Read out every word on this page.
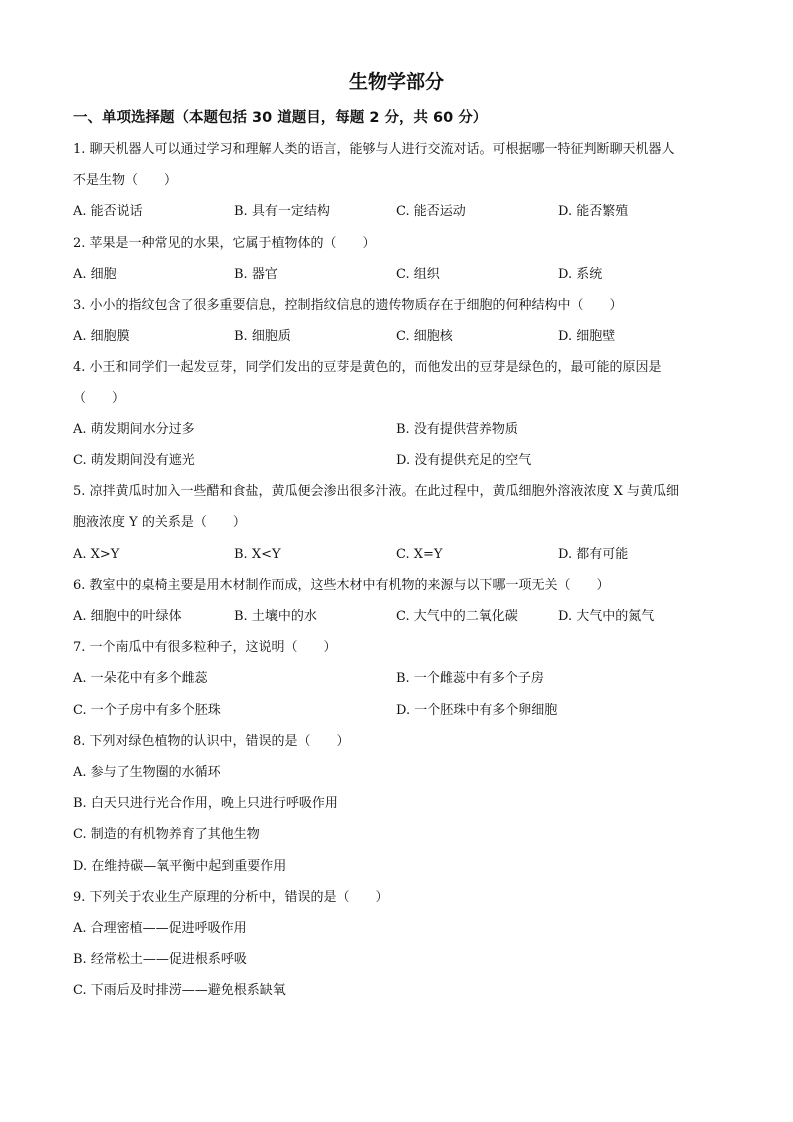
生物学部分
一、单项选择题（本题包括 30 道题目，每题 2 分，共 60 分）
1. 聊天机器人可以通过学习和理解人类的语言，能够与人进行交流对话。可根据哪一特征判断聊天机器人
不是生物（　　）
A. 能否说话	B. 具有一定结构	C. 能否运动	D. 能否繁殖
2. 苹果是一种常见的水果，它属于植物体的（　　）
A. 细胞	B. 器官	C. 组织	D. 系统
3. 小小的指纹包含了很多重要信息，控制指纹信息的遗传物质存在于细胞的何种结构中（　　）
A. 细胞膜	B. 细胞质	C. 细胞核	D. 细胞壁
4. 小王和同学们一起发豆芽，同学们发出的豆芽是黄色的，而他发出的豆芽是绿色的，最可能的原因是
（　　）
A. 萌发期间水分过多	B. 没有提供营养物质
C. 萌发期间没有遮光	D. 没有提供充足的空气
5. 凉拌黄瓜时加入一些醋和食盐，黄瓜便会渗出很多汁液。在此过程中，黄瓜细胞外溶液浓度 X 与黄瓜细
胞液浓度 Y 的关系是（　　）
A. X>Y	B. X<Y	C. X=Y	D. 都有可能
6. 教室中的桌椅主要是用木材制作而成，这些木材中有机物的来源与以下哪一项无关（　　）
A. 细胞中的叶绿体	B. 土壤中的水	C. 大气中的二氧化碳	D. 大气中的氮气
7. 一个南瓜中有很多粒种子，这说明（　　）
A. 一朵花中有多个雌蕊	B. 一个雌蕊中有多个子房
C. 一个子房中有多个胚珠	D. 一个胚珠中有多个卵细胞
8. 下列对绿色植物的认识中，错误的是（　　）
A. 参与了生物圈的水循环
B. 白天只进行光合作用，晚上只进行呼吸作用
C. 制造的有机物养育了其他生物
D. 在维持碳—氧平衡中起到重要作用
9. 下列关于农业生产原理的分析中，错误的是（　　）
A. 合理密植——促进呼吸作用
B. 经常松土——促进根系呼吸
C. 下雨后及时排涝——避免根系缺氧
